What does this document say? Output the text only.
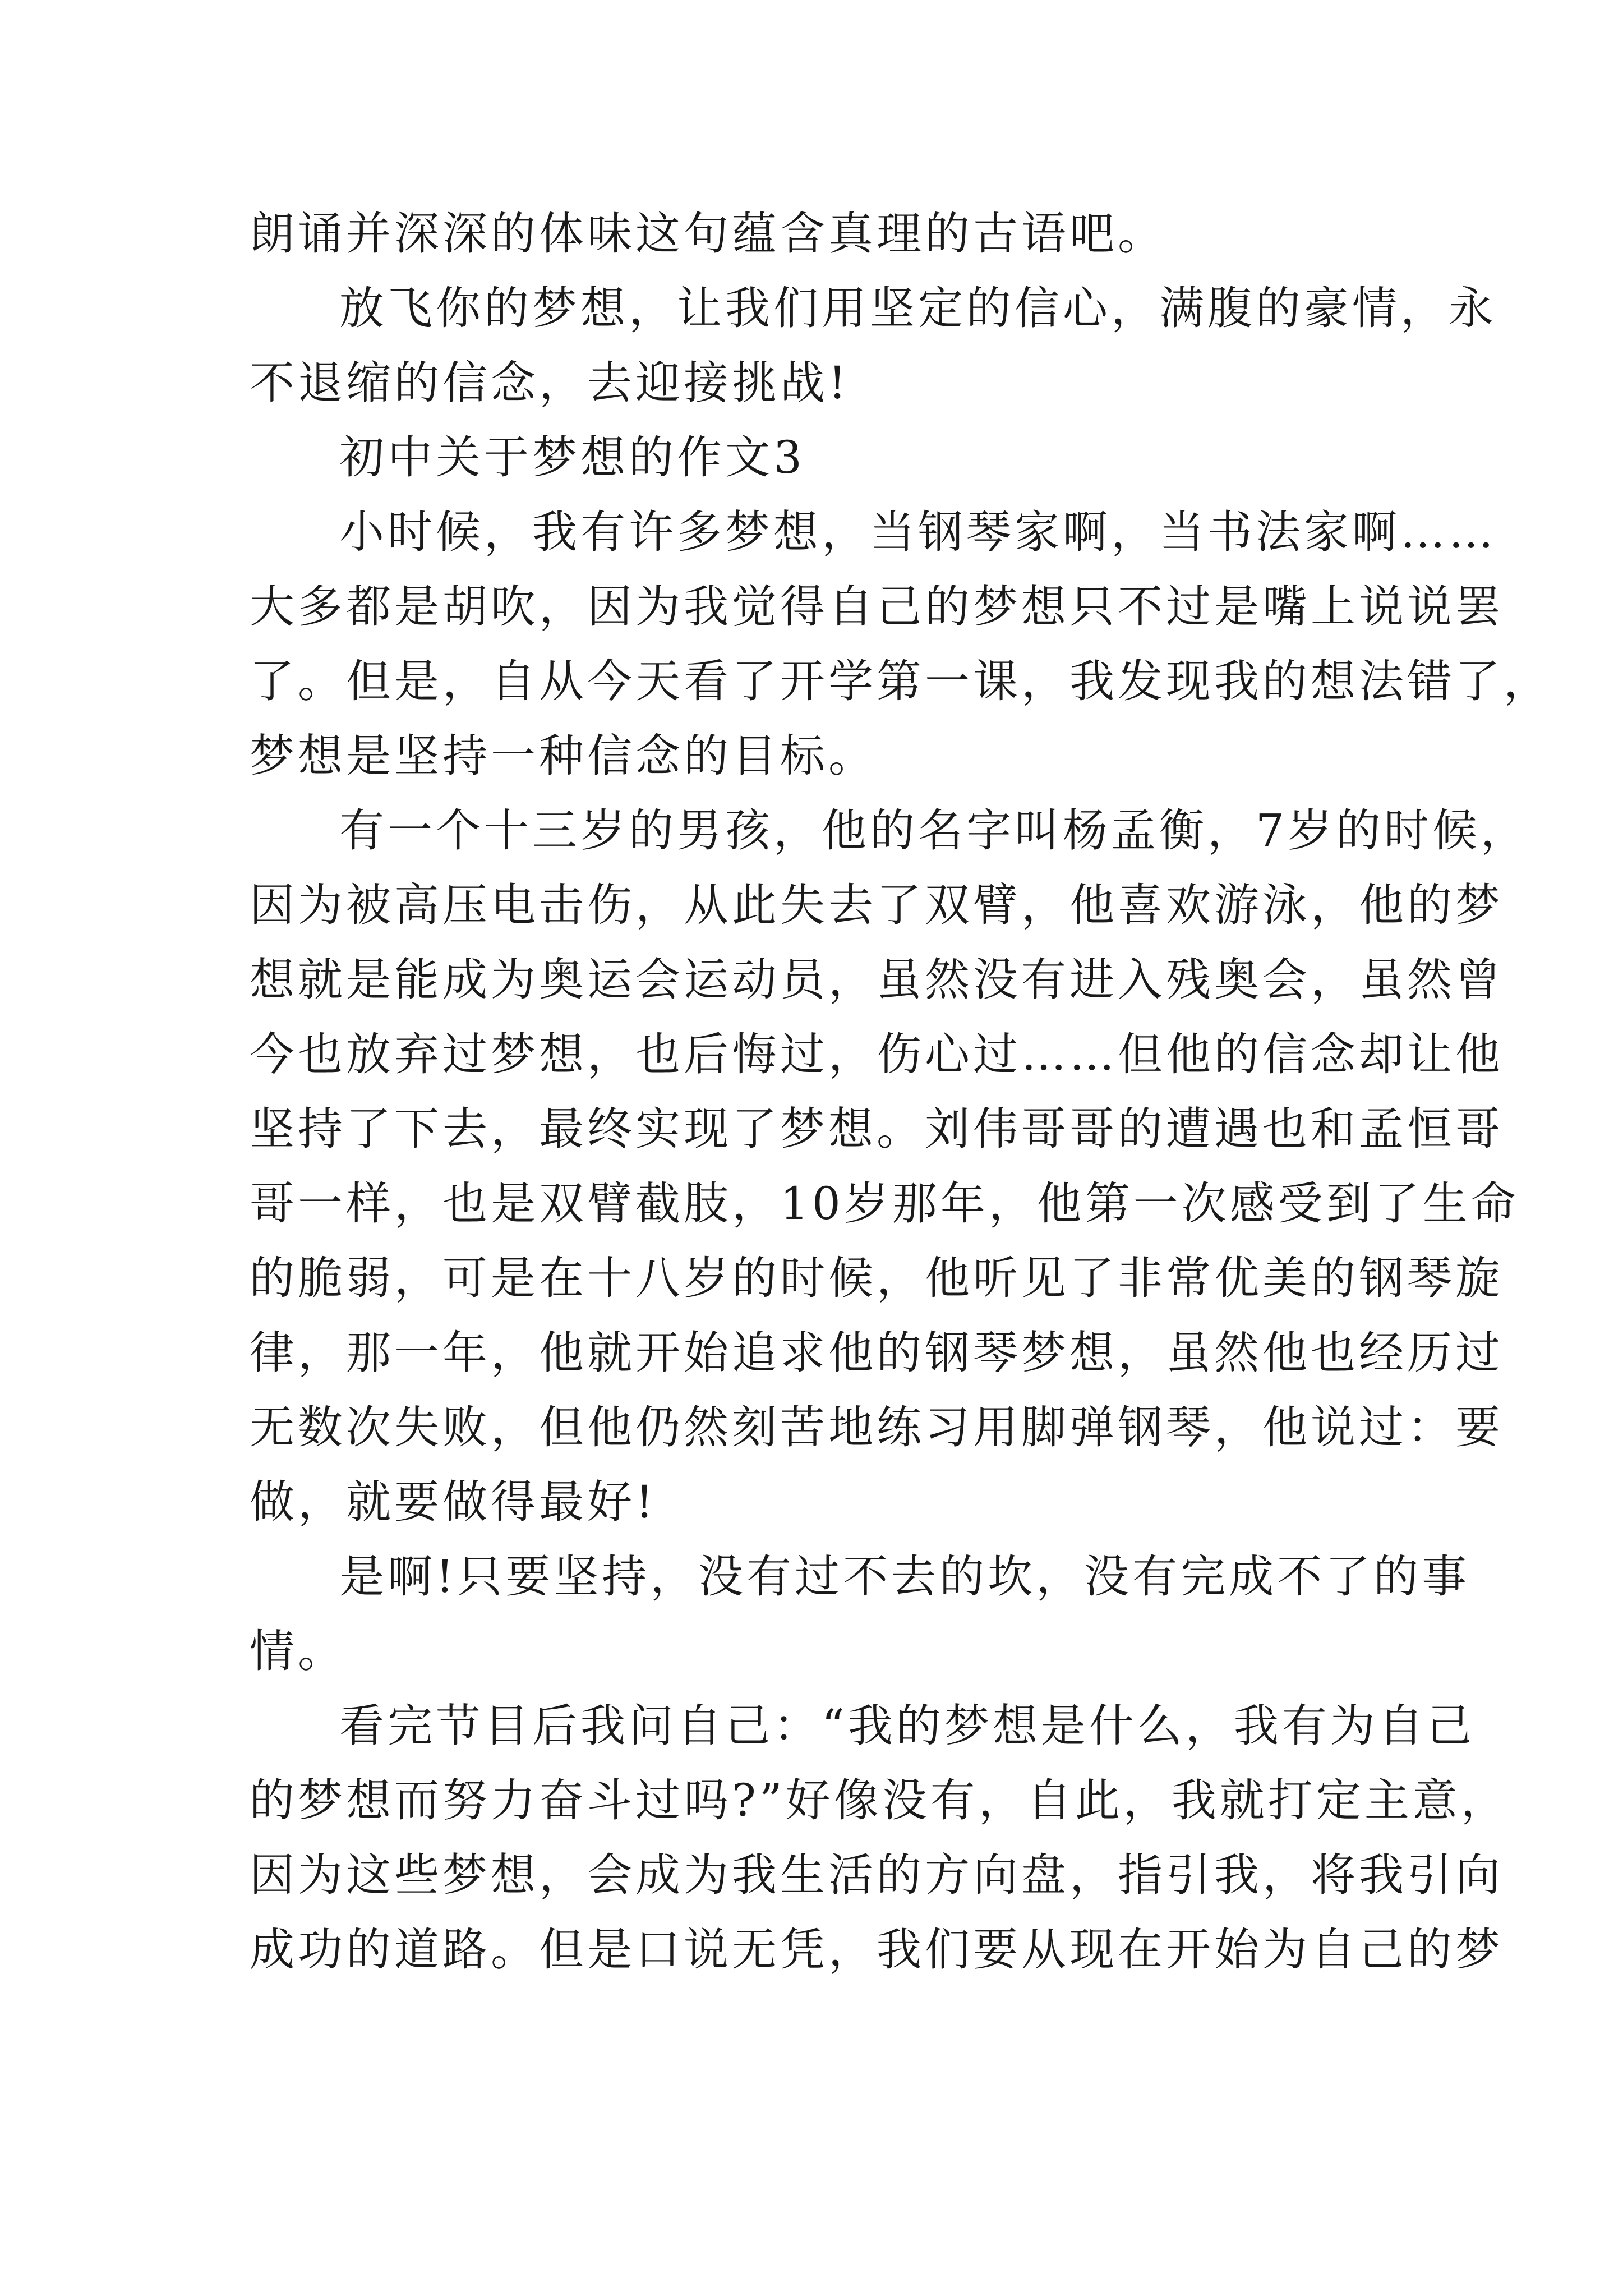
朗诵并深深的体味这句蕴含真理的古语吧。
放飞你的梦想，让我们用坚定的信心，满腹的豪情，永
不退缩的信念，去迎接挑战!
初中关于梦想的作文3
小时候，我有许多梦想，当钢琴家啊，当书法家啊……
大多都是胡吹，因为我觉得自己的梦想只不过是嘴上说说罢
了。但是，自从今天看了开学第一课，我发现我的想法错了，
梦想是坚持一种信念的目标。
有一个十三岁的男孩，他的名字叫杨孟衡，7岁的时候，
因为被高压电击伤，从此失去了双臂，他喜欢游泳，他的梦
想就是能成为奥运会运动员，虽然没有进入残奥会，虽然曾
今也放弃过梦想，也后悔过，伤心过……但他的信念却让他
坚持了下去，最终实现了梦想。刘伟哥哥的遭遇也和孟恒哥
哥一样，也是双臂截肢，10岁那年，他第一次感受到了生命
的脆弱，可是在十八岁的时候，他听见了非常优美的钢琴旋
律，那一年，他就开始追求他的钢琴梦想，虽然他也经历过
无数次失败，但他仍然刻苦地练习用脚弹钢琴，他说过：要
做，就要做得最好!
是啊!只要坚持，没有过不去的坎，没有完成不了的事
情。
看完节目后我问自己：“我的梦想是什么，我有为自己
的梦想而努力奋斗过吗?”好像没有，自此，我就打定主意，
因为这些梦想，会成为我生活的方向盘，指引我，将我引向
成功的道路。但是口说无凭，我们要从现在开始为自己的梦
